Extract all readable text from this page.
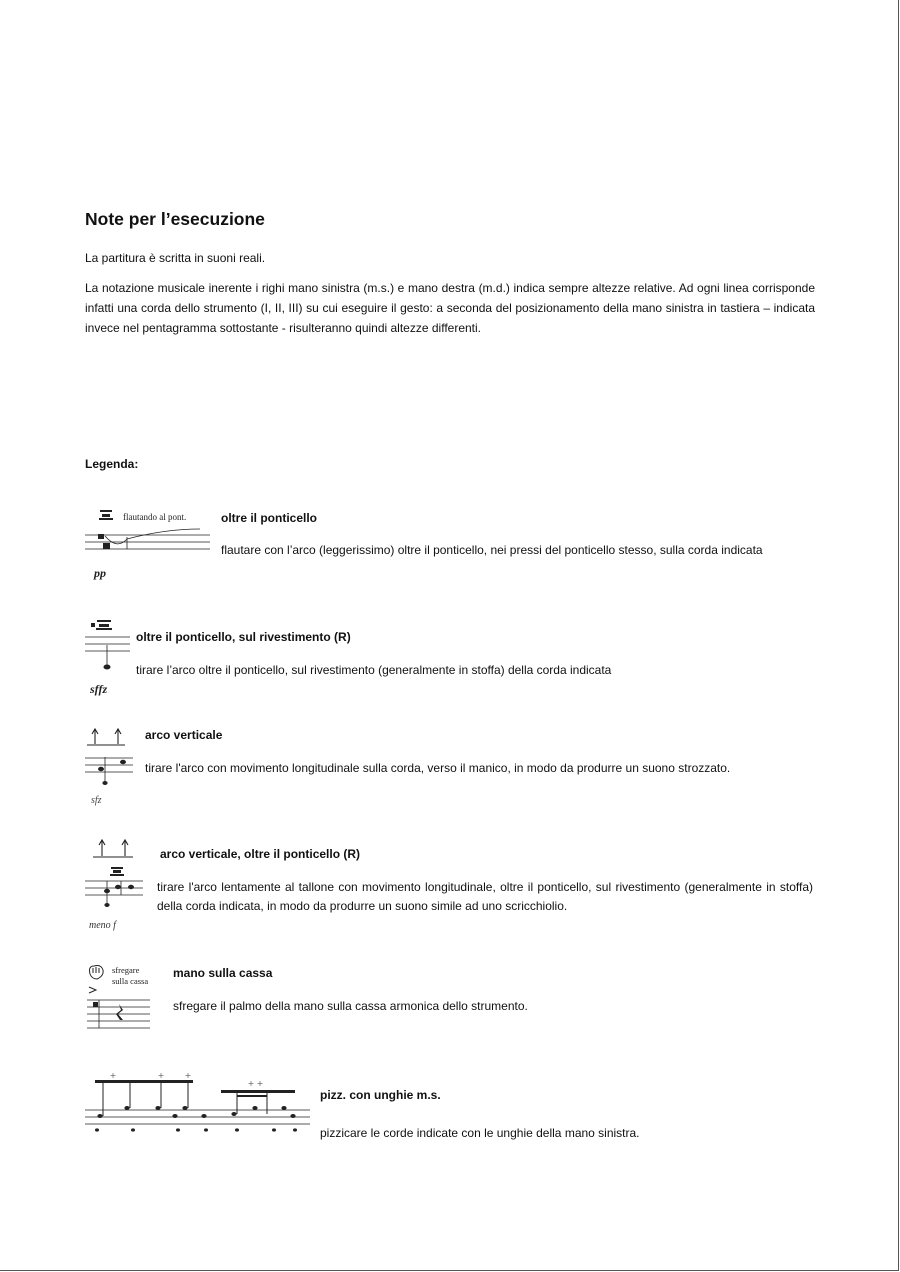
Note per l’esecuzione

La partitura è scritta in suoni reali.

La notazione musicale inerente i righi mano sinistra (m.s.) e mano destra (m.d.) indica sempre altezze relative. Ad ogni linea corrisponde infatti una corda dello strumento (I, II, III) su cui eseguire il gesto: a seconda del posizionamento della mano sinistra in tastiera – indicata invece nel pentagramma sottostante - risulteranno quindi altezze differenti.

Legenda:
flautando al pont.
pp
oltre il ponticello
flautare con l’arco (leggerissimo) oltre il ponticello, nei pressi del ponticello stesso, sulla corda indicata
sffz
oltre il ponticello, sul rivestimento (R)
tirare l’arco oltre il ponticello, sul rivestimento (generalmente in stoffa) della corda indicata
sfz
arco verticale
tirare l'arco con movimento longitudinale sulla corda, verso il manico, in modo da produrre un suono strozzato.
meno f
arco verticale, oltre il ponticello (R)
tirare l'arco lentamente al tallone con movimento longitudinale, oltre il ponticello, sul rivestimento (generalmente in stoffa) della corda indicata, in modo da produrre un suono simile ad uno scricchiolio.
sfregare
sulla cassa
mano sulla cassa
sfregare il palmo della mano sulla cassa armonica dello strumento.
pizz. con unghie m.s.
pizzicare le corde indicate con le unghie della mano sinistra.
